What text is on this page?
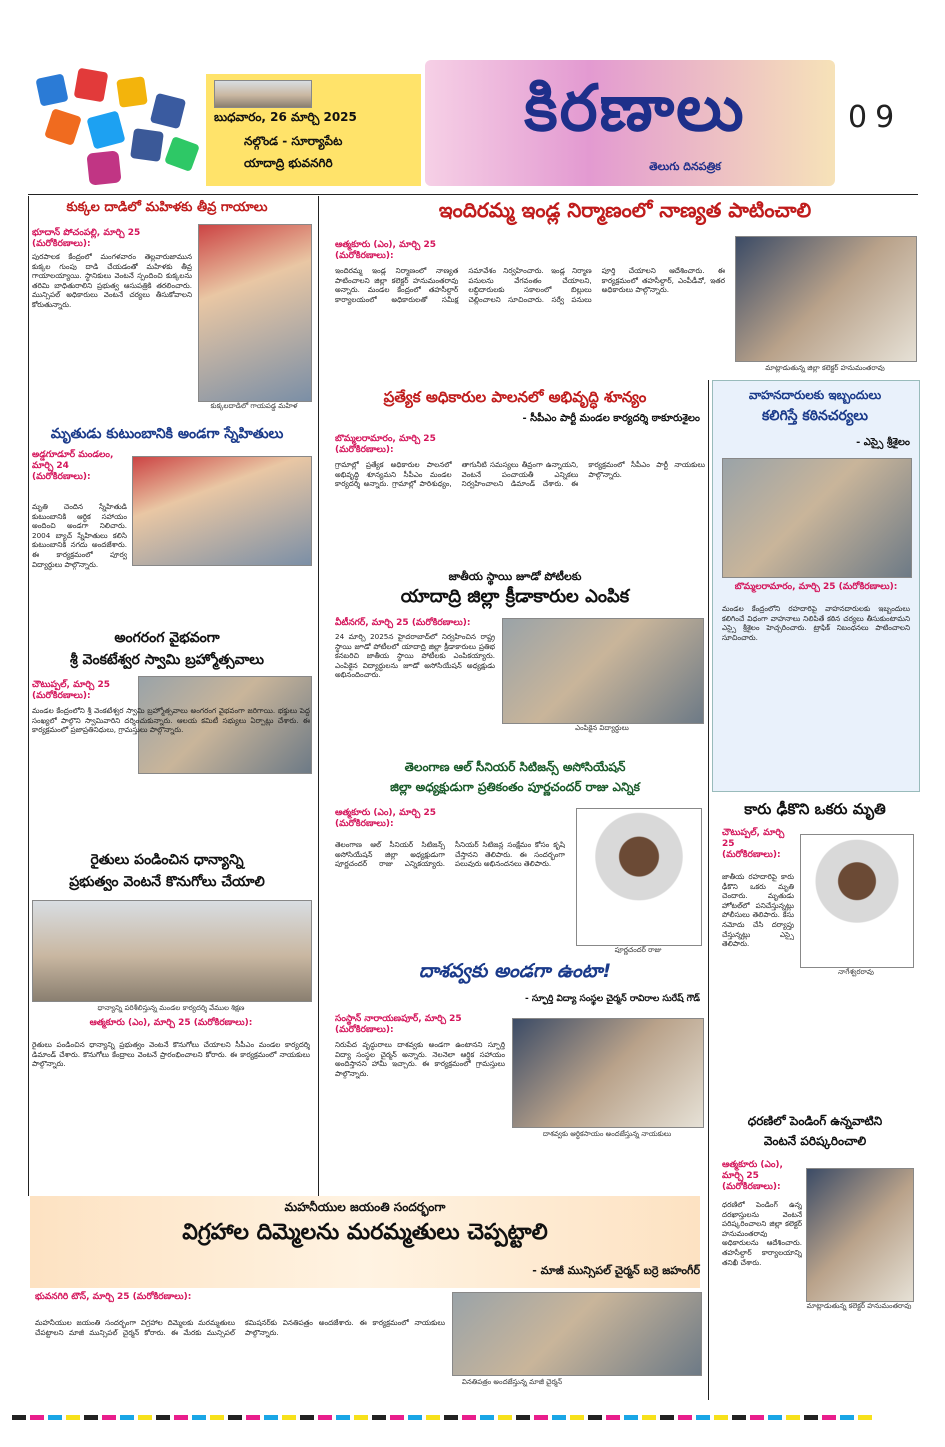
బుధవారం, 26 మార్చి 2025
నల్గొండ - సూర్యాపేట
యాదాద్రి భువనగిరి
కిరణాలు
తెలుగు దినపత్రిక
09
కుక్కల దాడిలో మహిళకు తీవ్ర గాయాలు
కుక్కలదాడిలో గాయపడ్డ మహిళ
భూదాన్ పోచంపల్లి, మార్చి 25 (మరోకిరణాలు):
పురపాలక కేంద్రంలో మంగళవారం తెల్లవారుజామున కుక్కల గుంపు దాడి చేయడంతో మహిళకు తీవ్ర గాయాలయ్యాయి. స్థానికులు వెంటనే స్పందించి కుక్కలను తరిమి బాధితురాలిని ప్రభుత్వ ఆసుపత్రికి తరలించారు. మున్సిపల్ అధికారులు వెంటనే చర్యలు తీసుకోవాలని కోరుతున్నారు.
మృతుడు కుటుంబానికి అండగా స్నేహితులు
అడ్డగూడూర్ మండలం, మార్చి 24 (మరోకిరణాలు):
మృతి చెందిన స్నేహితుడి కుటుంబానికి ఆర్థిక సహాయం అందించి అండగా నిలిచారు. 2004 బ్యాచ్ స్నేహితులు కలిసి కుటుంబానికి నగదు అందజేశారు. ఈ కార్యక్రమంలో పూర్వ విద్యార్థులు పాల్గొన్నారు.
అంగరంగ వైభవంగా
శ్రీ వెంకటేశ్వర స్వామి బ్రహ్మోత్సవాలు
చౌటుప్పల్, మార్చి 25 (మరోకిరణాలు):
మండల కేంద్రంలోని శ్రీ వెంకటేశ్వర స్వామి బ్రహ్మోత్సవాలు అంగరంగ వైభవంగా జరిగాయి. భక్తులు పెద్ద సంఖ్యలో పాల్గొని స్వామివారిని దర్శించుకున్నారు. ఆలయ కమిటీ సభ్యులు ఏర్పాట్లు చేశారు. ఈ కార్యక్రమంలో ప్రజాప్రతినిధులు, గ్రామస్తులు పాల్గొన్నారు.
రైతులు పండించిన ధాన్యాన్ని
ప్రభుత్వం వెంటనే కొనుగోలు చేయాలి
ధాన్యాన్ని పరిశీలిస్తున్న మండల కార్యదర్శి వేముల శిక్షణ
ఆత్మకూరు (ఎం), మార్చి 25 (మరోకిరణాలు):
రైతులు పండించిన ధాన్యాన్ని ప్రభుత్వం వెంటనే కొనుగోలు చేయాలని సీపీఎం మండల కార్యదర్శి డిమాండ్ చేశారు. కొనుగోలు కేంద్రాలు వెంటనే ప్రారంభించాలని కోరారు. ఈ కార్యక్రమంలో నాయకులు పాల్గొన్నారు.
ఇందిరమ్మ ఇండ్ల నిర్మాణంలో నాణ్యత పాటించాలి
ఆత్మకూరు (ఎం), మార్చి 25 (మరోకిరణాలు):
ఇందిరమ్మ ఇండ్ల నిర్మాణంలో నాణ్యత పాటించాలని జిల్లా కలెక్టర్ హనుమంతరావు అన్నారు. మండల కేంద్రంలో తహసీల్దార్ కార్యాలయంలో అధికారులతో సమీక్ష సమావేశం నిర్వహించారు. ఇండ్ల నిర్మాణ పనులను వేగవంతం చేయాలని, లబ్ధిదారులకు సకాలంలో బిల్లులు చెల్లించాలని సూచించారు. సర్వే పనులు పూర్తి చేయాలని ఆదేశించారు. ఈ కార్యక్రమంలో తహసీల్దార్, ఎంపీడీవో, ఇతర అధికారులు పాల్గొన్నారు.
మాట్లాడుతున్న జిల్లా కలెక్టర్ హనుమంతరావు
ప్రత్యేక అధికారుల పాలనలో అభివృద్ధి శూన్యం
- సీపీఎం పార్టీ మండల కార్యదర్శి ఠాకూరుశైలం
బొమ్మలరామారం, మార్చి 25 (మరోకిరణాలు):
గ్రామాల్లో ప్రత్యేక అధికారుల పాలనలో అభివృద్ధి శూన్యమని సీపీఎం మండల కార్యదర్శి అన్నారు. గ్రామాల్లో పారిశుధ్యం, తాగునీటి సమస్యలు తీవ్రంగా ఉన్నాయని, వెంటనే పంచాయతీ ఎన్నికలు నిర్వహించాలని డిమాండ్ చేశారు. ఈ కార్యక్రమంలో సీపీఎం పార్టీ నాయకులు పాల్గొన్నారు.
జాతీయ స్థాయి జూడో పోటీలకు
యాదాద్రి జిల్లా క్రీడాకారుల ఎంపిక
వీటీనగర్, మార్చి 25 (మరోకిరణాలు):
24 మార్చి 2025న హైదరాబాద్‌లో నిర్వహించిన రాష్ట్ర స్థాయి జూడో పోటీలలో యాదాద్రి జిల్లా క్రీడాకారులు ప్రతిభ కనబరిచి జాతీయ స్థాయి పోటీలకు ఎంపికయ్యారు. ఎంపికైన విద్యార్థులను జూడో అసోసియేషన్ అధ్యక్షుడు అభినందించారు.
ఎంపికైన విద్యార్థులు
తెలంగాణ ఆల్ సీనియర్ సిటిజన్స్ అసోసియేషన్
జిల్లా అధ్యక్షుడుగా ప్రతికంతం పూర్ణచందర్ రాజు ఎన్నిక
ఆత్మకూరు (ఎం), మార్చి 25 (మరోకిరణాలు):
తెలంగాణ ఆల్ సీనియర్ సిటిజన్స్ అసోసియేషన్ జిల్లా అధ్యక్షుడుగా పూర్ణచందర్ రాజు ఎన్నికయ్యారు. సీనియర్ సిటిజన్ల సంక్షేమం కోసం కృషి చేస్తానని తెలిపారు. ఈ సందర్భంగా పలువురు అభినందనలు తెలిపారు.
పూర్ణచందర్ రాజు
దాశవ్వకు అండగా ఉంటా!
- స్ఫూర్తి విద్యా సంస్థల చైర్మన్ రావిరాల సురేష్ గౌడ్
సంస్థాన్ నారాయణపూర్, మార్చి 25 (మరోకిరణాలు):
నిరుపేద వృద్ధురాలు దాశవ్వకు అండగా ఉంటానని స్ఫూర్తి విద్యా సంస్థల చైర్మన్ అన్నారు. నెలనెలా ఆర్థిక సహాయం అందిస్తానని హామీ ఇచ్చారు. ఈ కార్యక్రమంలో గ్రామస్తులు పాల్గొన్నారు.
దాశవ్వకు ఆర్థికసాయం అందజేస్తున్న నాయకులు
వాహనదారులకు ఇబ్బందులు
కలిగిస్తే కఠినచర్యలు
- ఎస్సై శ్రీశైలం
బొమ్మలరామారం, మార్చి 25 (మరోకిరణాలు):
మండల కేంద్రంలోని రహదారిపై వాహనదారులకు ఇబ్బందులు కలిగించే విధంగా వాహనాలు నిలిపితే కఠిన చర్యలు తీసుకుంటామని ఎస్సై శ్రీశైలం హెచ్చరించారు. ట్రాఫిక్ నిబంధనలు పాటించాలని సూచించారు.
కారు ఢీకొని ఒకరు మృతి
చౌటుప్పల్, మార్చి 25 (మరోకిరణాలు):
నాగేశ్వరరావు
జాతీయ రహదారిపై కారు ఢీకొని ఒకరు మృతి చెందారు. మృతుడు హోటల్‌లో పనిచేస్తున్నట్లు పోలీసులు తెలిపారు. కేసు నమోదు చేసి దర్యాప్తు చేస్తున్నట్లు ఎస్సై తెలిపారు.
ధరణిలో పెండింగ్ ఉన్నవాటిని
వెంటనే పరిష్కరించాలి
ఆత్మకూరు (ఎం), మార్చి 25 (మరోకిరణాలు):
మాట్లాడుతున్న కలెక్టర్ హనుమంతరావు
ధరణిలో పెండింగ్ ఉన్న దరఖాస్తులను వెంటనే పరిష్కరించాలని జిల్లా కలెక్టర్ హనుమంతరావు అధికారులను ఆదేశించారు. తహసీల్దార్ కార్యాలయాన్ని తనిఖీ చేశారు.
మహనీయుల జయంతి సందర్భంగా
విగ్రహాల దిమ్మెలను మరమ్మతులు చెప్పట్టాలి
- మాజీ మున్సిపల్ చైర్మన్ బర్రె జహంగీర్
భువనగిరి టౌన్, మార్చి 25 (మరోకిరణాలు):
మహనీయుల జయంతి సందర్భంగా విగ్రహాల దిమ్మెలకు మరమ్మతులు చేపట్టాలని మాజీ మున్సిపల్ చైర్మన్ కోరారు. ఈ మేరకు మున్సిపల్ కమిషనర్‌కు వినతిపత్రం అందజేశారు. ఈ కార్యక్రమంలో నాయకులు పాల్గొన్నారు.
వినతిపత్రం అందజేస్తున్న మాజీ చైర్మన్
